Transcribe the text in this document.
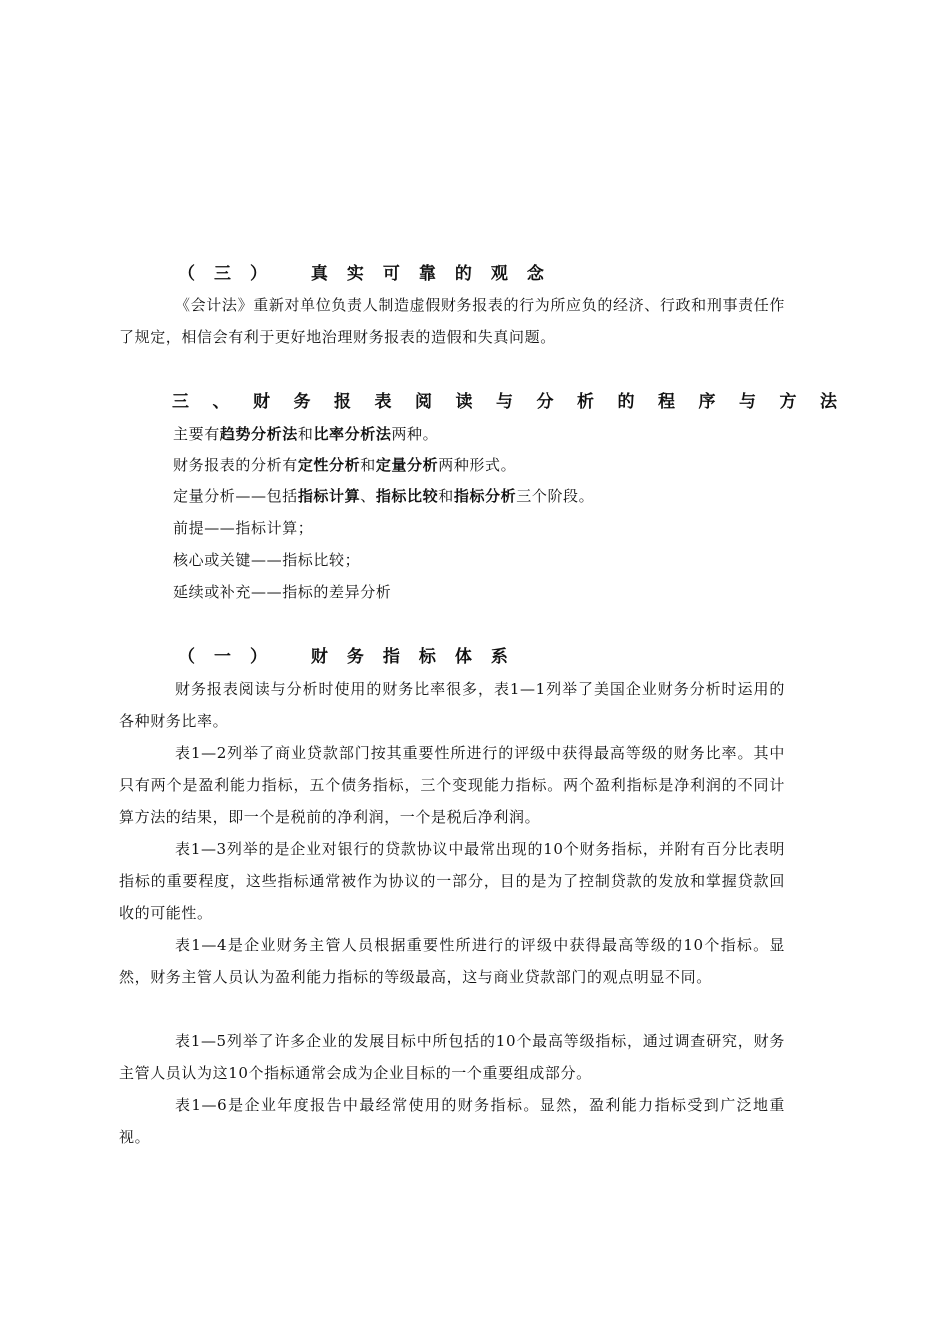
（三） 真实可靠的观念
《会计法》重新对单位负责人制造虚假财务报表的行为所应负的经济、行政和刑事责任作了规定，相信会有利于更好地治理财务报表的造假和失真问题。
三、财务报表阅读与分析的程序与方法
主要有趋势分析法和比率分析法两种。
财务报表的分析有定性分析和定量分析两种形式。
定量分析——包括指标计算、指标比较和指标分析三个阶段。
前提——指标计算；
核心或关键——指标比较；
延续或补充——指标的差异分析
（一） 财务指标体系
财务报表阅读与分析时使用的财务比率很多，表1—1列举了美国企业财务分析时运用的各种财务比率。
表1—2列举了商业贷款部门按其重要性所进行的评级中获得最高等级的财务比率。其中只有两个是盈利能力指标，五个债务指标，三个变现能力指标。两个盈利指标是净利润的不同计算方法的结果，即一个是税前的净利润，一个是税后净利润。
表1—3列举的是企业对银行的贷款协议中最常出现的10个财务指标，并附有百分比表明指标的重要程度，这些指标通常被作为协议的一部分，目的是为了控制贷款的发放和掌握贷款回收的可能性。
表1—4是企业财务主管人员根据重要性所进行的评级中获得最高等级的10个指标。显然，财务主管人员认为盈利能力指标的等级最高，这与商业贷款部门的观点明显不同。
表1—5列举了许多企业的发展目标中所包括的10个最高等级指标，通过调查研究，财务主管人员认为这10个指标通常会成为企业目标的一个重要组成部分。
表1—6是企业年度报告中最经常使用的财务指标。显然，盈利能力指标受到广泛地重视。
